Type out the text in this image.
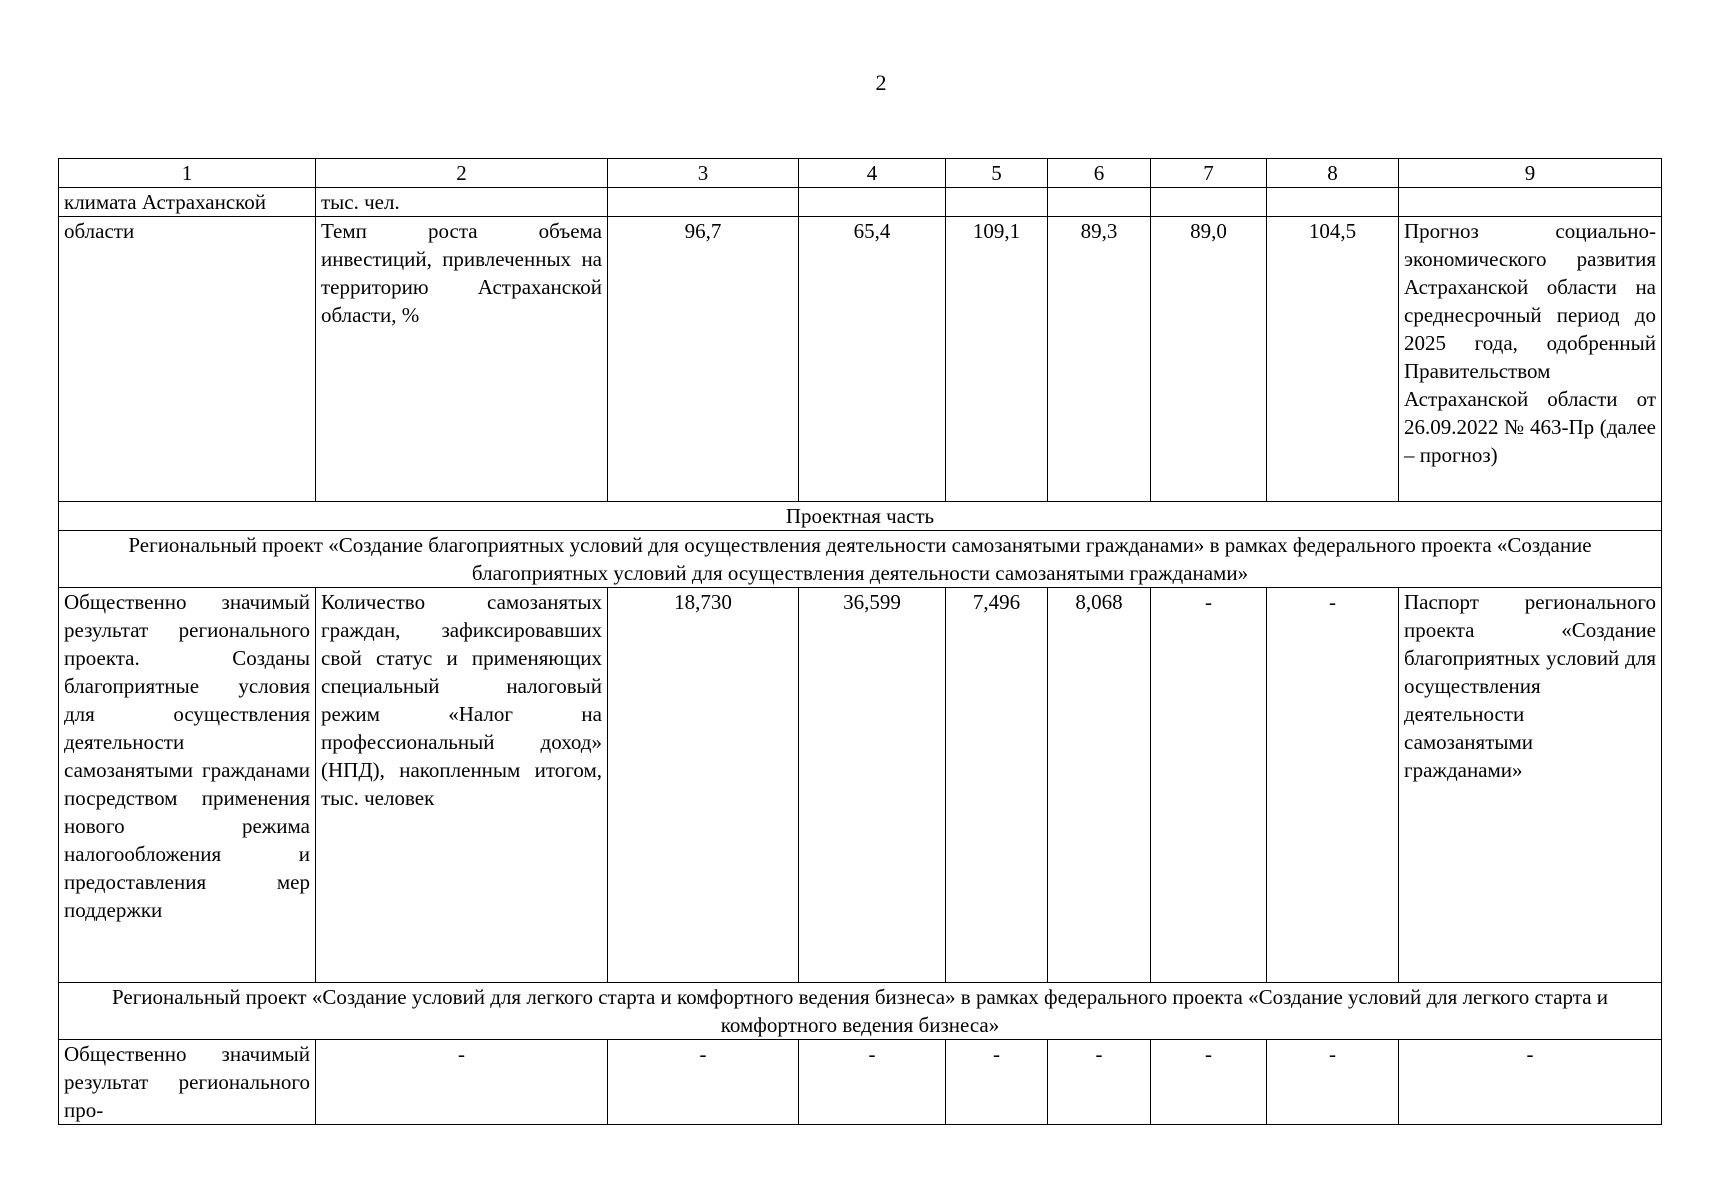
2
1	2	3	4	5	6	7	8	9
климата Астраханской	тыс. чел.							
области	Темп роста объема инвестиций, привлеченных на территорию Астраханской области, %	96,7	65,4	109,1	89,3	89,0	104,5	Прогноз социально-экономического развития Астраханской области на среднесрочный период до 2025 года, одобренный Правительством Астраханской области от 26.09.2022 № 463-Пр (далее – прогноз)
Проектная часть								
Региональный проект «Создание благоприятных условий для осуществления деятельности самозанятыми гражданами» в рамках федерального проекта «Создание благоприятных условий для осуществления деятельности самозанятыми гражданами»								
Общественно значимый результат регионального проекта. Созданы благоприятные условия для осуществления деятельности самозанятыми гражданами посредством применения нового режима налогообложения и предоставления мер поддержки	Количество самозанятых граждан, зафиксировавших свой статус и применяющих специальный налоговый режим «Налог на профессиональный доход» (НПД), накопленным итогом, тыс. человек	18,730	36,599	7,496	8,068	-	-	Паспорт регионального проекта «Создание благоприятных условий для осуществления деятельности самозанятыми гражданами»
Региональный проект «Создание условий для легкого старта и комфортного ведения бизнеса» в рамках федерального проекта «Создание условий для легкого старта и комфортного ведения бизнеса»								
Общественно значимый результат регионального про-	-	-	-	-	-	-	-	-
